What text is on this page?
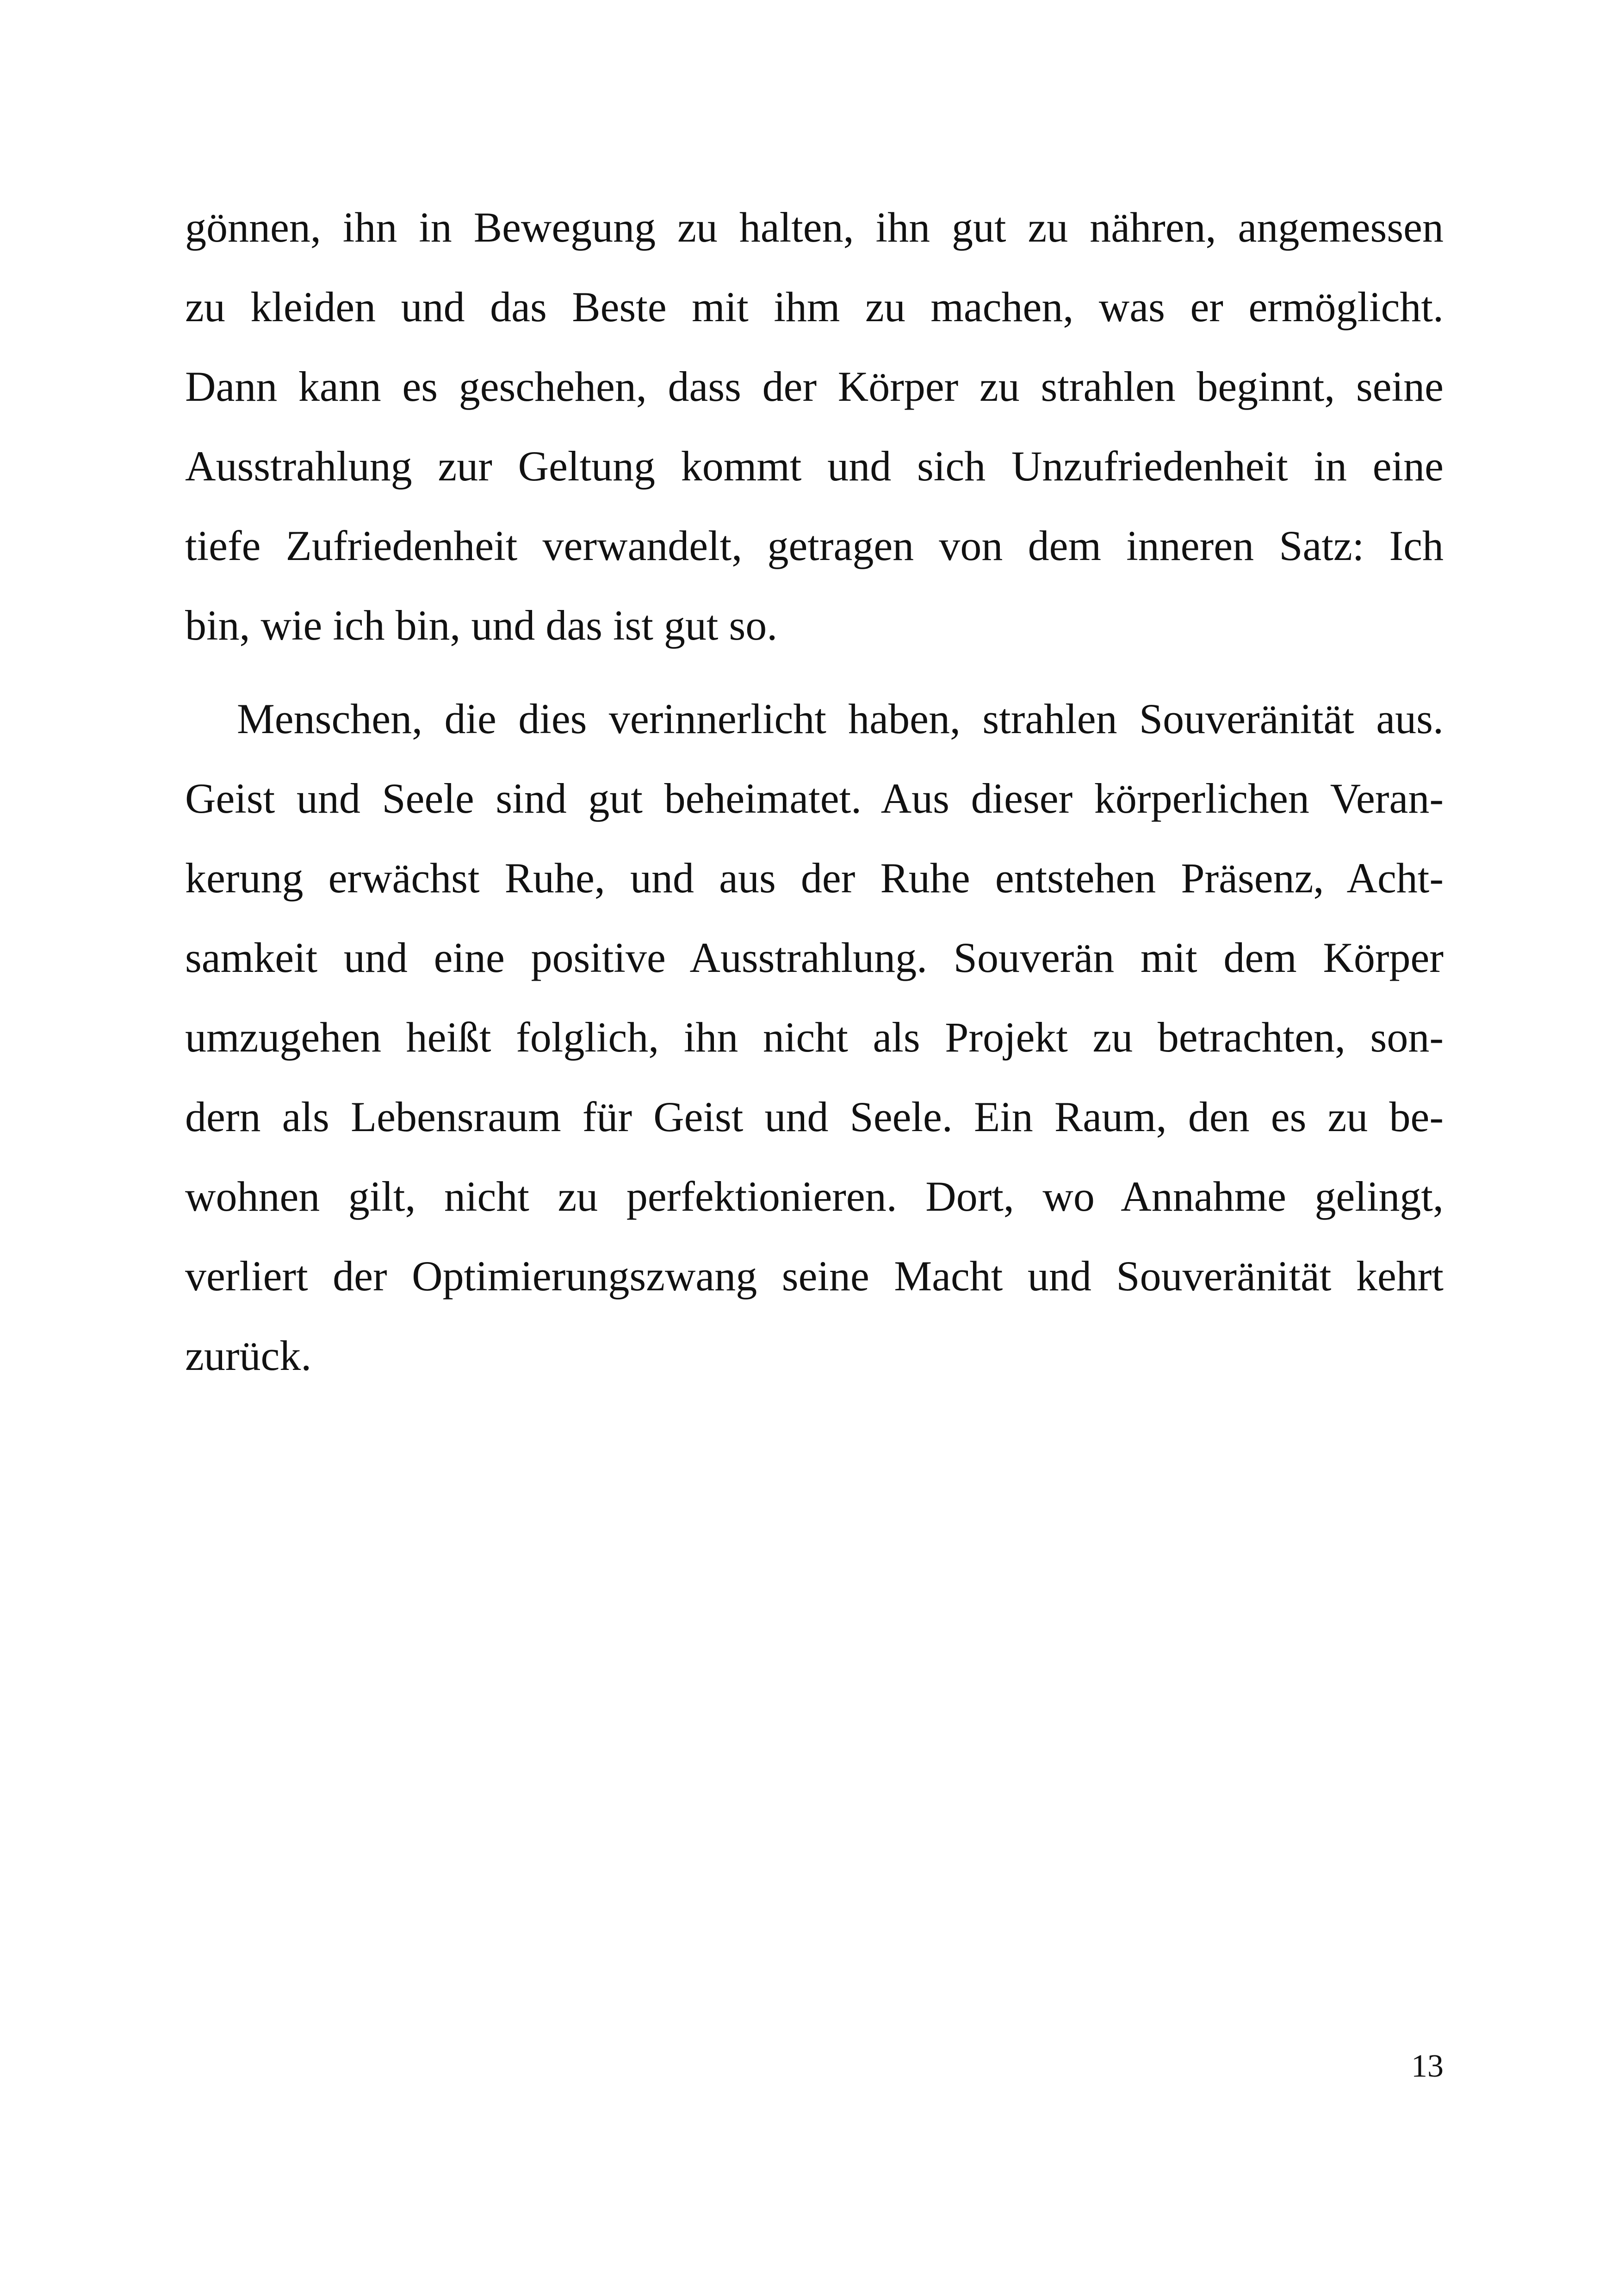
gönnen, ihn in Bewegung zu halten, ihn gut zu nähren, angemessen
zu kleiden und das Beste mit ihm zu machen, was er ermöglicht.
Dann kann es geschehen, dass der Körper zu strahlen beginnt, seine
Ausstrahlung zur Geltung kommt und sich Unzufriedenheit in eine
tiefe Zufriedenheit verwandelt, getragen von dem inneren Satz: Ich
bin, wie ich bin, und das ist gut so.
Menschen, die dies verinnerlicht haben, strahlen Souveränität aus.
Geist und Seele sind gut beheimatet. Aus dieser körperlichen Veran-
kerung erwächst Ruhe, und aus der Ruhe entstehen Präsenz, Acht-
samkeit und eine positive Ausstrahlung. Souverän mit dem Körper
umzugehen heißt folglich, ihn nicht als Projekt zu betrachten, son-
dern als Lebensraum für Geist und Seele. Ein Raum, den es zu be-
wohnen gilt, nicht zu perfektionieren. Dort, wo Annahme gelingt,
verliert der Optimierungszwang seine Macht und Souveränität kehrt
zurück.
13
